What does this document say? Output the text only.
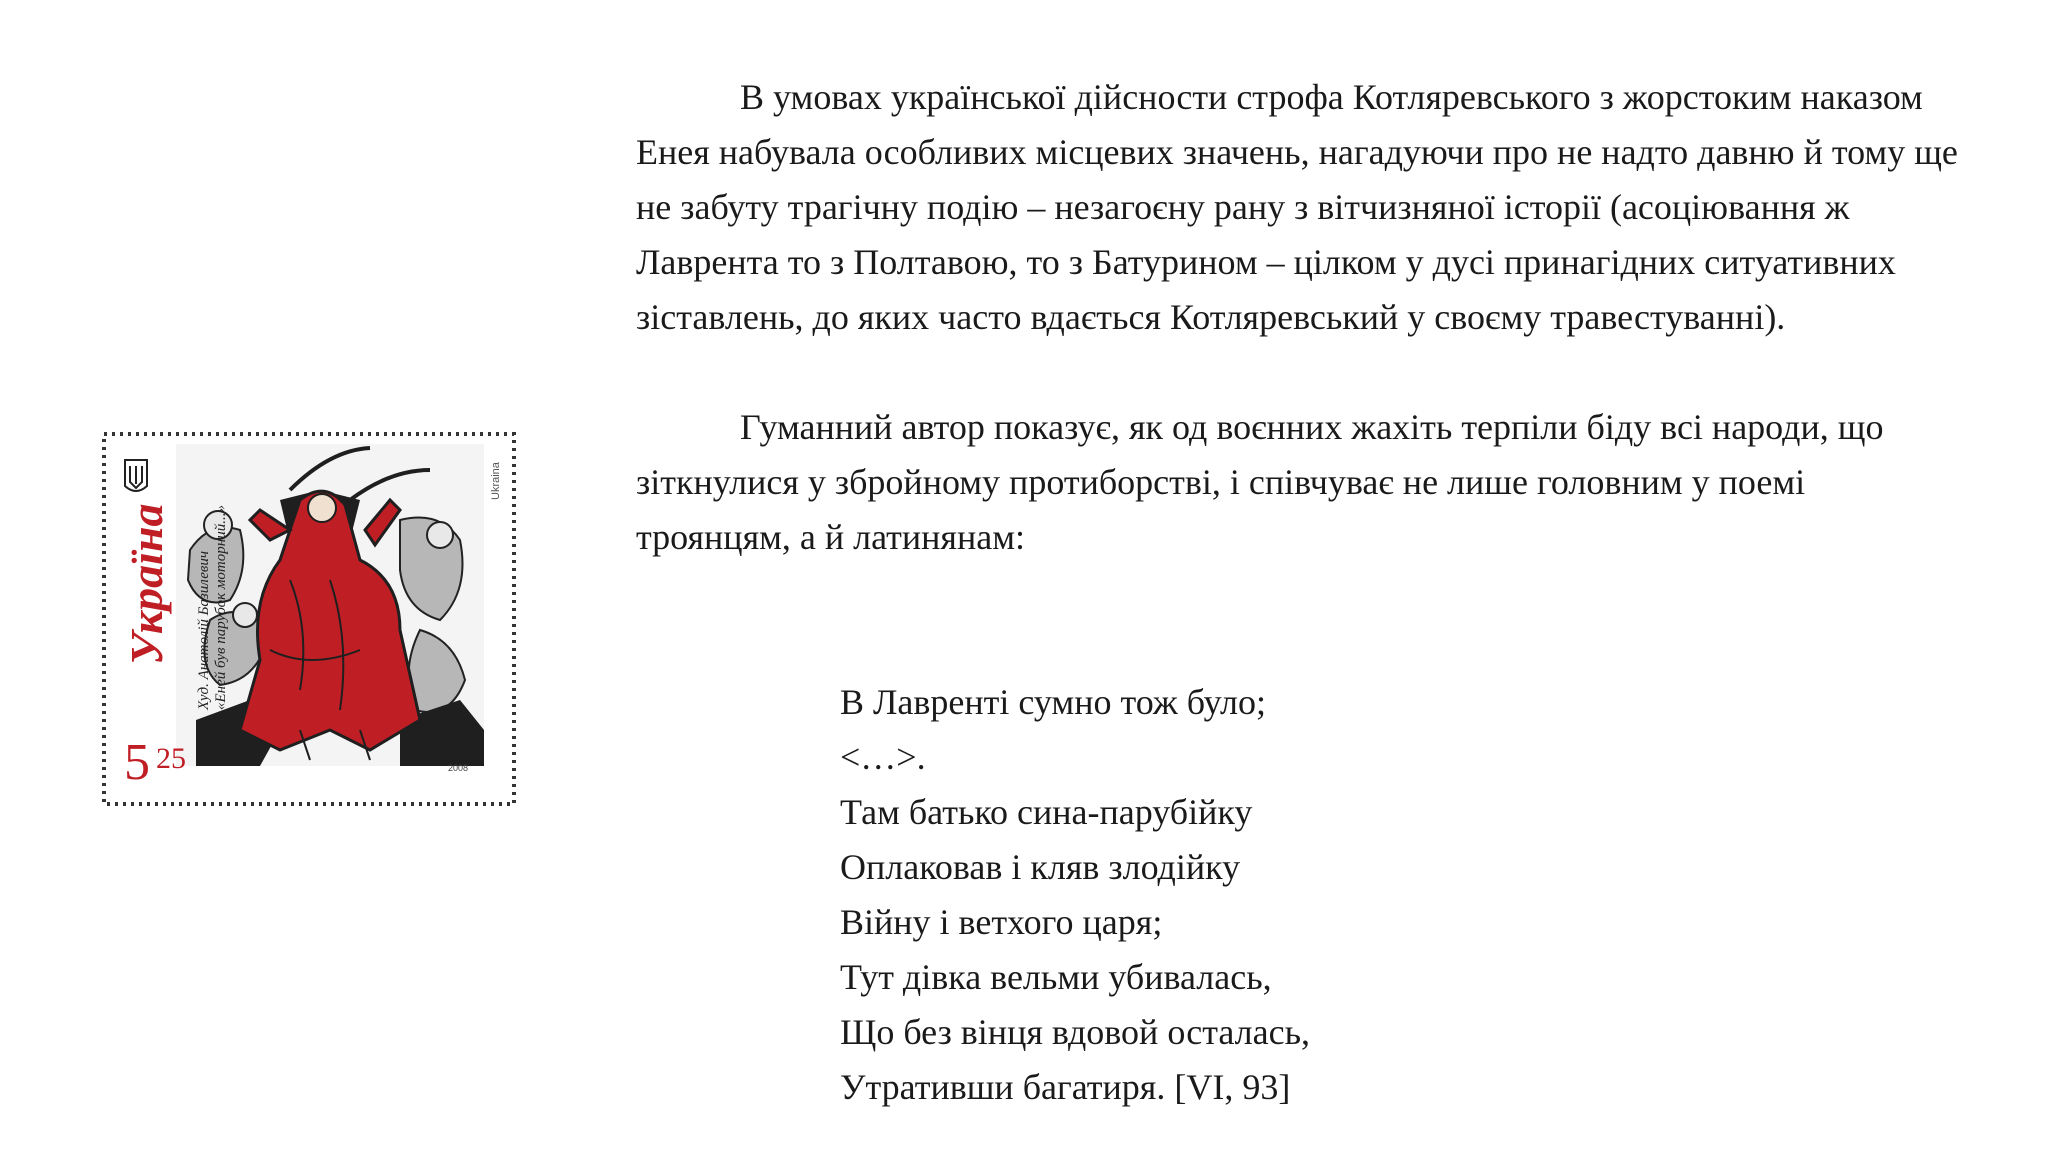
В умовах української дійсности строфа Котляревського з жорстоким наказом Енея набувала особливих місцевих значень, нагадуючи про не надто давню й тому ще не забуту трагічну подію – незагоєну рану з вітчизняної історії (асоціювання ж Лаврента то з Полтавою, то з Батурином – цілком у дусі принагідних ситуативних зіставлень, до яких часто вдається Котляревський у своєму травестуванні).

Гуманний автор показує, як од воєнних жахіть терпіли біду всі народи, що зіткнулися у збройному протиборстві, і співчуває не лише головним у поемі троянцям, а й латинянам:

В Лавренті сумно тож було;
<…>.
Там батько сина-парубійку
Оплаковав і кляв злодійку
Війну і ветхого царя;
Тут дівка вельми убивалась,
Що без вінця вдовой осталась,
Утративши багатиря. [VI, 93]
Україна Худ. Анатолій Базилевич «Еней був парубок моторний...»
Ukraina
5 25	2008
